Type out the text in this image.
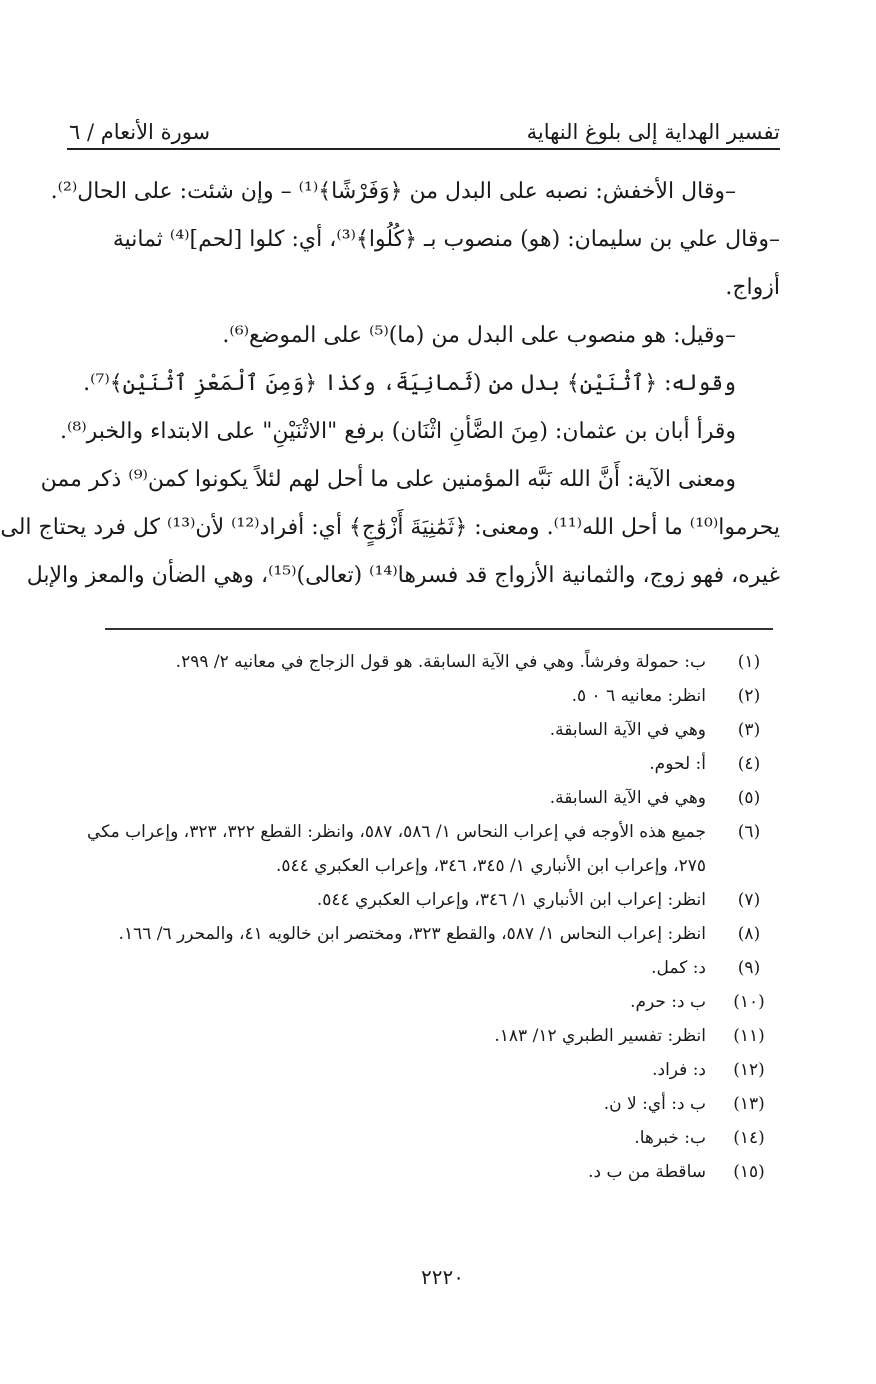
تفسير الهداية إلى بلوغ النهاية
سورة الأنعام / ٦
–وقال الأخفش: نصبه على البدل من ﴿وَفَرْشًا﴾⁽¹⁾ – وإن شئت: على الحال⁽²⁾.
–وقال علي بن سليمان: (هو) منصوب بـ ﴿كُلُوا﴾⁽³⁾، أي: كلوا [لحم]⁽⁴⁾ ثمانية
أزواج.
–وقيل: هو منصوب على البدل من (ما)⁽⁵⁾ على الموضع⁽⁶⁾.
وقوله: ﴿ٱثْنَيْنِ﴾ بدل من (ثَمانِيَةَ، وكذا ﴿وَمِنَ ٱلْمَعْزِ ٱثْنَيْنِ﴾⁽⁷⁾.
وقرأ أبان بن عثمان: (مِنَ الضَّأنِ اثْنَان) برفع "الاثْنَيْنِ" على الابتداء والخبر⁽⁸⁾.
ومعنى الآية: أَنَّ الله نَبَّه المؤمنين على ما أحل لهم لئلاً يكونوا كمن⁽⁹⁾ ذكر ممن
يحرموا⁽¹⁰⁾ ما أحل الله⁽¹¹⁾. ومعنى: ﴿ثَمَٰنِيَةَ أَزْوَٰجٍ﴾ أي: أفراد⁽¹²⁾ لأن⁽¹³⁾ كل فرد يحتاج الى
غيره، فهو زوج، والثمانية الأزواج قد فسرها⁽¹⁴⁾ (تعالى)⁽¹⁵⁾، وهي الضأن والمعز والإبل
(١)
ب: حمولة وفرشاً. وهي في الآية السابقة. هو قول الزجاج في معانيه ٢/ ٢٩٩.
(٢)
انظر: معانيه ٦ ٠ ٥.
(٣)
وهي في الآية السابقة.
(٤)
أ: لحوم.
(٥)
وهي في الآية السابقة.
(٦)
جميع هذه الأوجه في إعراب النحاس ١/ ٥٨٦، ٥٨٧، وانظر: القطع ٣٢٢، ٣٢٣، وإعراب مكي ٢٧٥، وإعراب ابن الأنباري ١/ ٣٤٥، ٣٤٦، وإعراب العكبري ٥٤٤.
(٧)
انظر: إعراب ابن الأنباري ١/ ٣٤٦، وإعراب العكبري ٥٤٤.
(٨)
انظر: إعراب النحاس ١/ ٥٨٧، والقطع ٣٢٣، ومختصر ابن خالويه ٤١، والمحرر ٦/ ١٦٦.
(٩)
د: كمل.
(١٠)
ب د: حرم.
(١١)
انظر: تفسير الطبري ١٢/ ١٨٣.
(١٢)
د: فراد.
(١٣)
ب د: أي: لا ن.
(١٤)
ب: خبرها.
(١٥)
ساقطة من ب د.
٢٢٢٠
